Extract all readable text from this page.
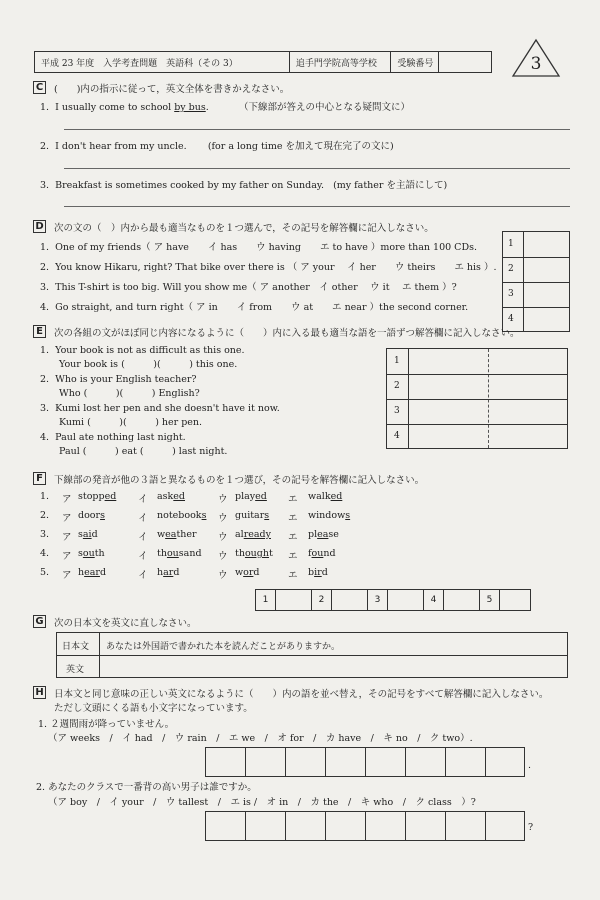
平成 23 年度　入学考査問題　英語科（その 3）	追手門学院高等学校	受験番号	3
C (　　)内の指示に従って，英文全体を書きかえなさい。
1. I usually come to school by bus.	（下線部が答えの中心となる疑問文に）
2. I don't hear from my uncle. (for a long time を加えて現在完了の文に)
3. Breakfast is sometimes cooked by my father on Sunday. (my father を主語にして)
D 次の文の（　）内から最も適当なものを１つ選んで，その記号を解答欄に記入しなさい。
1. One of my friends（ ア have　　イ has　　ウ having　　エ to have ）more than 100 CDs.
2. You know Hikaru, right? That bike over there is （ ア your　 イ her　　ウ theirs　　エ his ）.
3. This T-shirt is too big. Will you show me（ ア another　イ other　 ウ it　 エ them ）?
4. Go straight, and turn right（ ア in　　イ from　　ウ at　　エ near ）the second corner.
1
2
3
4
E	次の各組の文がほぼ同じ内容になるように（　　）内に入る最も適当な語を一語ずつ解答欄に記入しなさい。
1. Your book is not as difficult as this one.
Your book is (　　　)(　　　) this one.
2. Who is your English teacher?
Who (　　　)(　　　) English?
3. Kumi lost her pen and she doesn't have it now.
Kumi (　　　)(　　　) her pen.
4. Paul ate nothing last night.
Paul (　　　) eat (　　　) last night.
1
2
3
4
F	下線部の発音が他の３語と異なるものを１つ選び，その記号を解答欄に記入しなさい。
1. ア stopped イ asked	ウ played エ walked
2. ア doors	イ notebooks ウ guitars エ windows
3. ア said	イ weather ウ already エ please
4. ア south	イ thousand ウ thought エ found
5. ア heard	イ hard	ウ word	エ bird
1	2	3	4	5
G 次の日本文を英文に直しなさい。
日本文 あなたは外国語で書かれた本を読んだことがありますか。
英文
H 日本文と同じ意味の正しい英文になるように（　　）内の語を並べ替え，その記号をすべて解答欄に記入しなさい。
ただし文頭にくる語も小文字になっています。
1. ２週間雨が降っていません。
（ア weeks　/　イ had　/　ウ rain　/　エ we　/　オ for　/　カ have　/　キ no　/　ク two）.
.
2. あなたのクラスで一番背の高い男子は誰ですか。
（ア boy　/　イ your　/　ウ tallest　/　エ is /　オ in　/　カ the　/　キ who　/　ク class　）?
?
